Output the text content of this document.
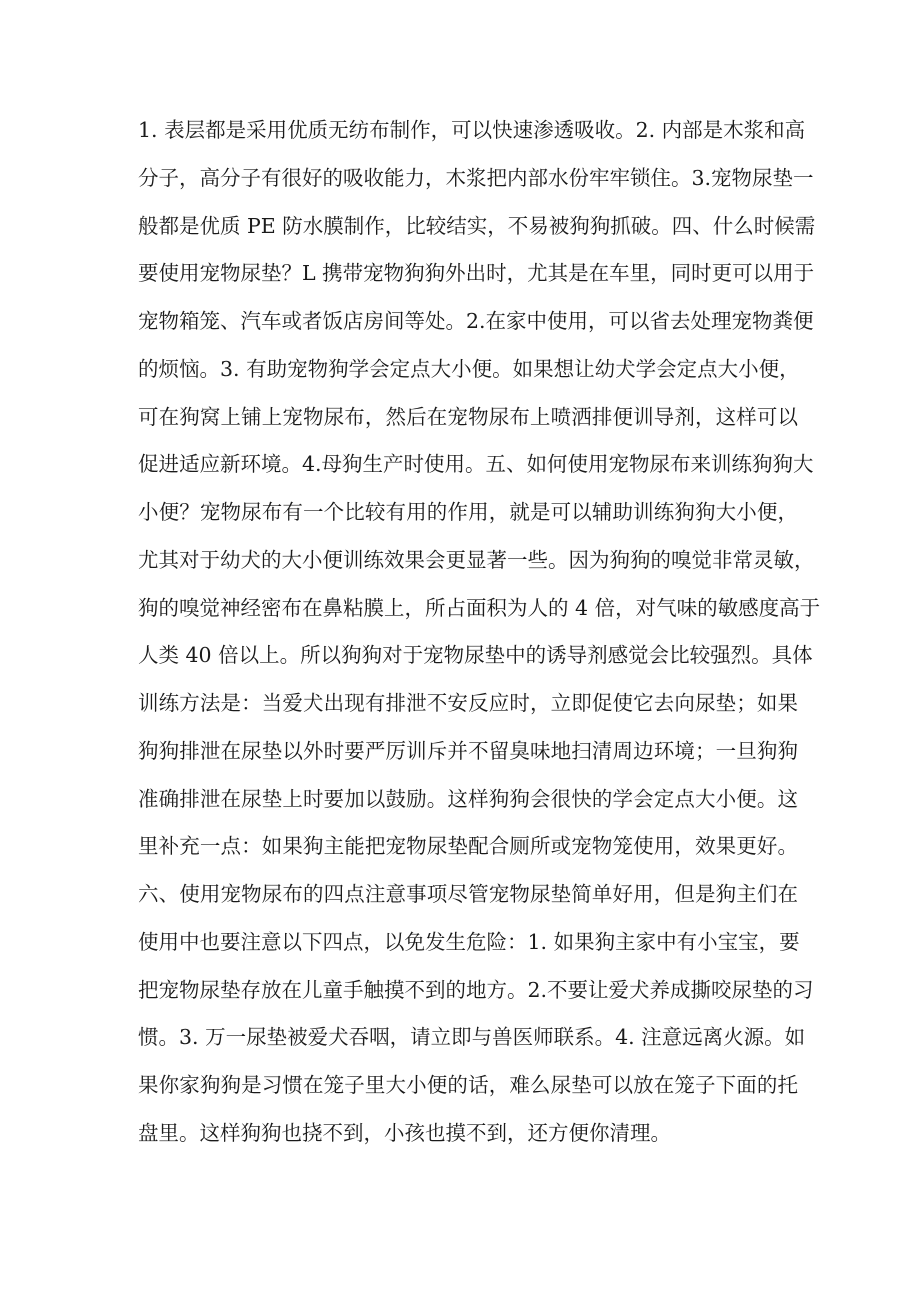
1. 表层都是采用优质无纺布制作，可以快速渗透吸收。2. 内部是木浆和高
分子，高分子有很好的吸收能力，木浆把内部水份牢牢锁住。3.宠物尿垫一
般都是优质 PE 防水膜制作，比较结实，不易被狗狗抓破。四、什么时候需
要使用宠物尿垫？L 携带宠物狗狗外出时，尤其是在车里，同时更可以用于
宠物箱笼、汽车或者饭店房间等处。2.在家中使用，可以省去处理宠物粪便
的烦恼。3. 有助宠物狗学会定点大小便。如果想让幼犬学会定点大小便，
可在狗窝上铺上宠物尿布，然后在宠物尿布上喷洒排便训导剂，这样可以
促进适应新环境。4.母狗生产时使用。五、如何使用宠物尿布来训练狗狗大
小便？宠物尿布有一个比较有用的作用，就是可以辅助训练狗狗大小便，
尤其对于幼犬的大小便训练效果会更显著一些。因为狗狗的嗅觉非常灵敏，
狗的嗅觉神经密布在鼻粘膜上，所占面积为人的 4 倍，对气味的敏感度高于
人类 40 倍以上。所以狗狗对于宠物尿垫中的诱导剂感觉会比较强烈。具体
训练方法是：当爱犬出现有排泄不安反应时，立即促使它去向尿垫；如果
狗狗排泄在尿垫以外时要严厉训斥并不留臭味地扫清周边环境；一旦狗狗
准确排泄在尿垫上时要加以鼓励。这样狗狗会很快的学会定点大小便。这
里补充一点：如果狗主能把宠物尿垫配合厕所或宠物笼使用，效果更好。
六、使用宠物尿布的四点注意事项尽管宠物尿垫简单好用，但是狗主们在
使用中也要注意以下四点，以免发生危险：1. 如果狗主家中有小宝宝，要
把宠物尿垫存放在儿童手触摸不到的地方。2.不要让爱犬养成撕咬尿垫的习
惯。3. 万一尿垫被爱犬吞咽，请立即与兽医师联系。4. 注意远离火源。如
果你家狗狗是习惯在笼子里大小便的话，难么尿垫可以放在笼子下面的托
盘里。这样狗狗也挠不到，小孩也摸不到，还方便你清理。
